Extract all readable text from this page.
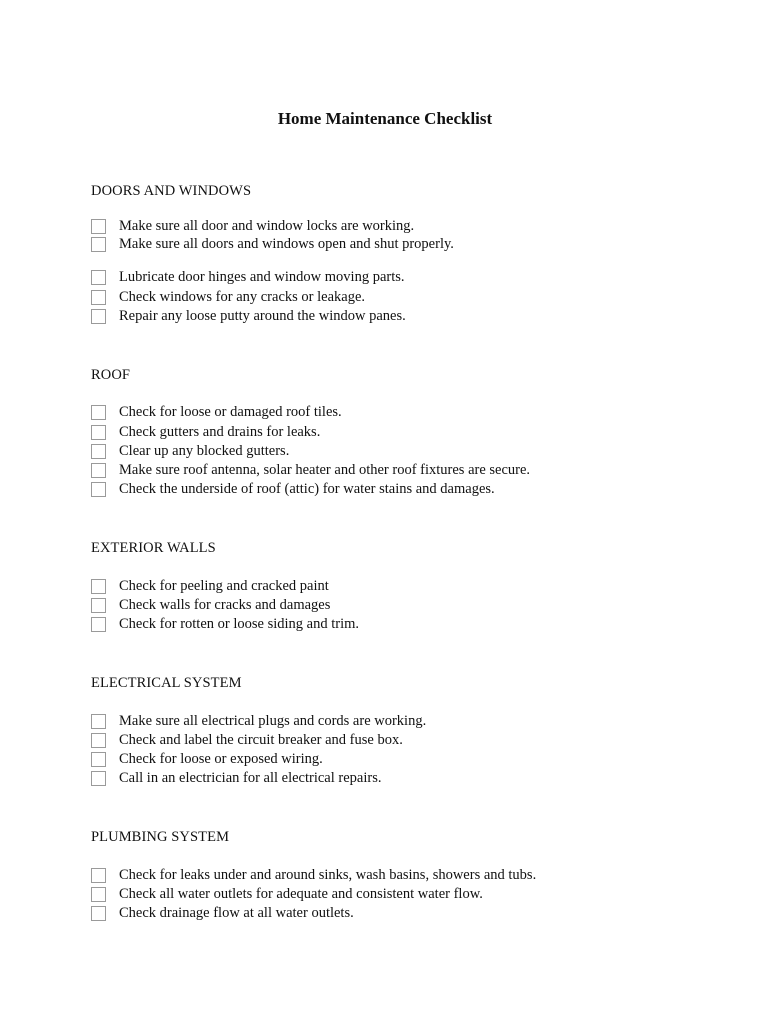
Home Maintenance Checklist
DOORS AND WINDOWS
Make sure all door and window locks are working.
Make sure all doors and windows open and shut properly.
Lubricate door hinges and window moving parts.
Check windows for any cracks or leakage.
Repair any loose putty around the window panes.
ROOF
Check for loose or damaged roof tiles.
Check gutters and drains for leaks.
Clear up any blocked gutters.
Make sure roof antenna, solar heater and other roof fixtures are secure.
Check the underside of roof (attic) for water stains and damages.
EXTERIOR WALLS
Check for peeling and cracked paint
Check walls for cracks and damages
Check for rotten or loose siding and trim.
ELECTRICAL SYSTEM
Make sure all electrical plugs and cords are working.
Check and label the circuit breaker and fuse box.
Check for loose or exposed wiring.
Call in an electrician for all electrical repairs.
PLUMBING SYSTEM
Check for leaks under and around sinks, wash basins, showers and tubs.
Check all water outlets for adequate and consistent water flow.
Check drainage flow at all water outlets.
